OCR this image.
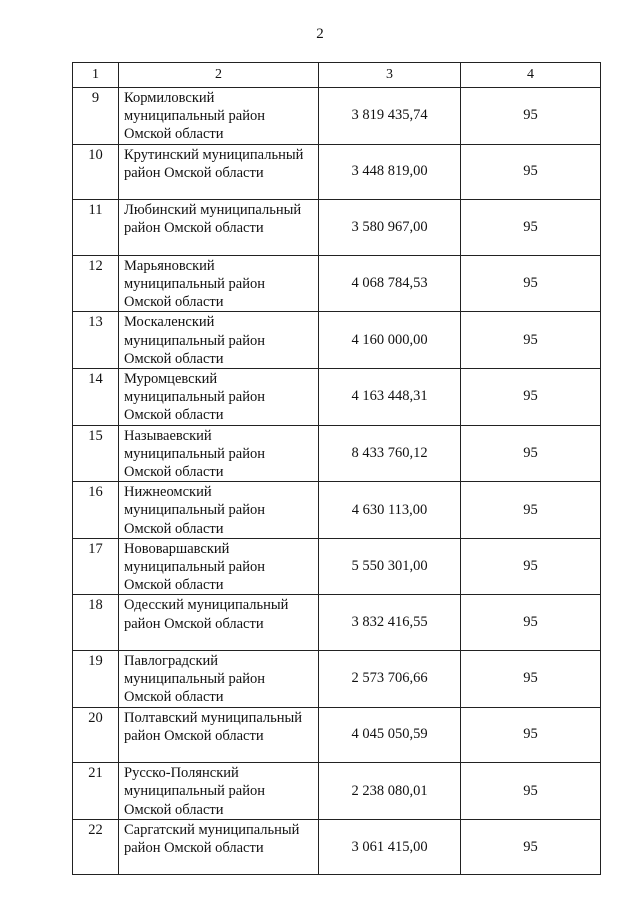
2
1	2	3	4
9	Кормиловский муниципальный район Омской области	3 819 435,74	95
10	Крутинский муниципальный район Омской области	3 448 819,00	95
11	Любинский муниципальный район Омской области	3 580 967,00	95
12	Марьяновский муниципальный район Омской области	4 068 784,53	95
13	Москаленский муниципальный район Омской области	4 160 000,00	95
14	Муромцевский муниципальный район Омской области	4 163 448,31	95
15	Называевский муниципальный район Омской области	8 433 760,12	95
16	Нижнеомский муниципальный район Омской области	4 630 113,00	95
17	Нововаршавский муниципальный район Омской области	5 550 301,00	95
18	Одесский муниципальный район Омской области	3 832 416,55	95
19	Павлоградский муниципальный район Омской области	2 573 706,66	95
20	Полтавский муниципальный район Омской области	4 045 050,59	95
21	Русско-Полянский муниципальный район Омской области	2 238 080,01	95
22	Саргатский муниципальный район Омской области	3 061 415,00	95
